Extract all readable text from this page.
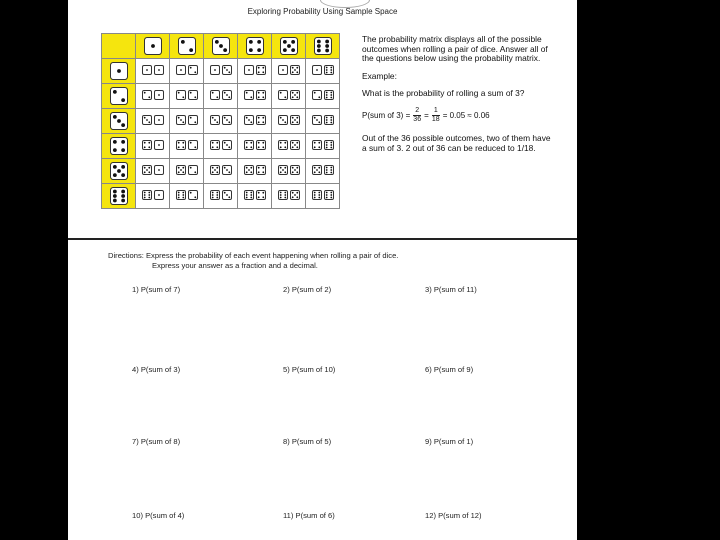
Exploring Probability Using Sample Space

The probability matrix displays all of the possible outcomes when rolling a pair of dice. Answer all of the questions below using the probability matrix.

Example:

What is the probability of rolling a sum of 3?

P(sum of $3) = \frac{2}{36} = \frac{1}{18} = 0.05 \approx 0.06$

Out of the 36 possible outcomes, two of them have a sum of 3. 2 out of 36 can be reduced to 1/18.

Directions: Express the probability of each event happening when rolling a pair of dice.
Express your answer as a fraction and a decimal.
1) P(sum of 7)	2) P(sum of 2)	3) P(sum of 11)
4) P(sum of 3)	5) P(sum of 10)	6) P(sum of 9)
7) P(sum of 8)	8) P(sum of 5)	9) P(sum of 1)
10) P(sum of 4)	11) P(sum of 6)	12) P(sum of 12)
